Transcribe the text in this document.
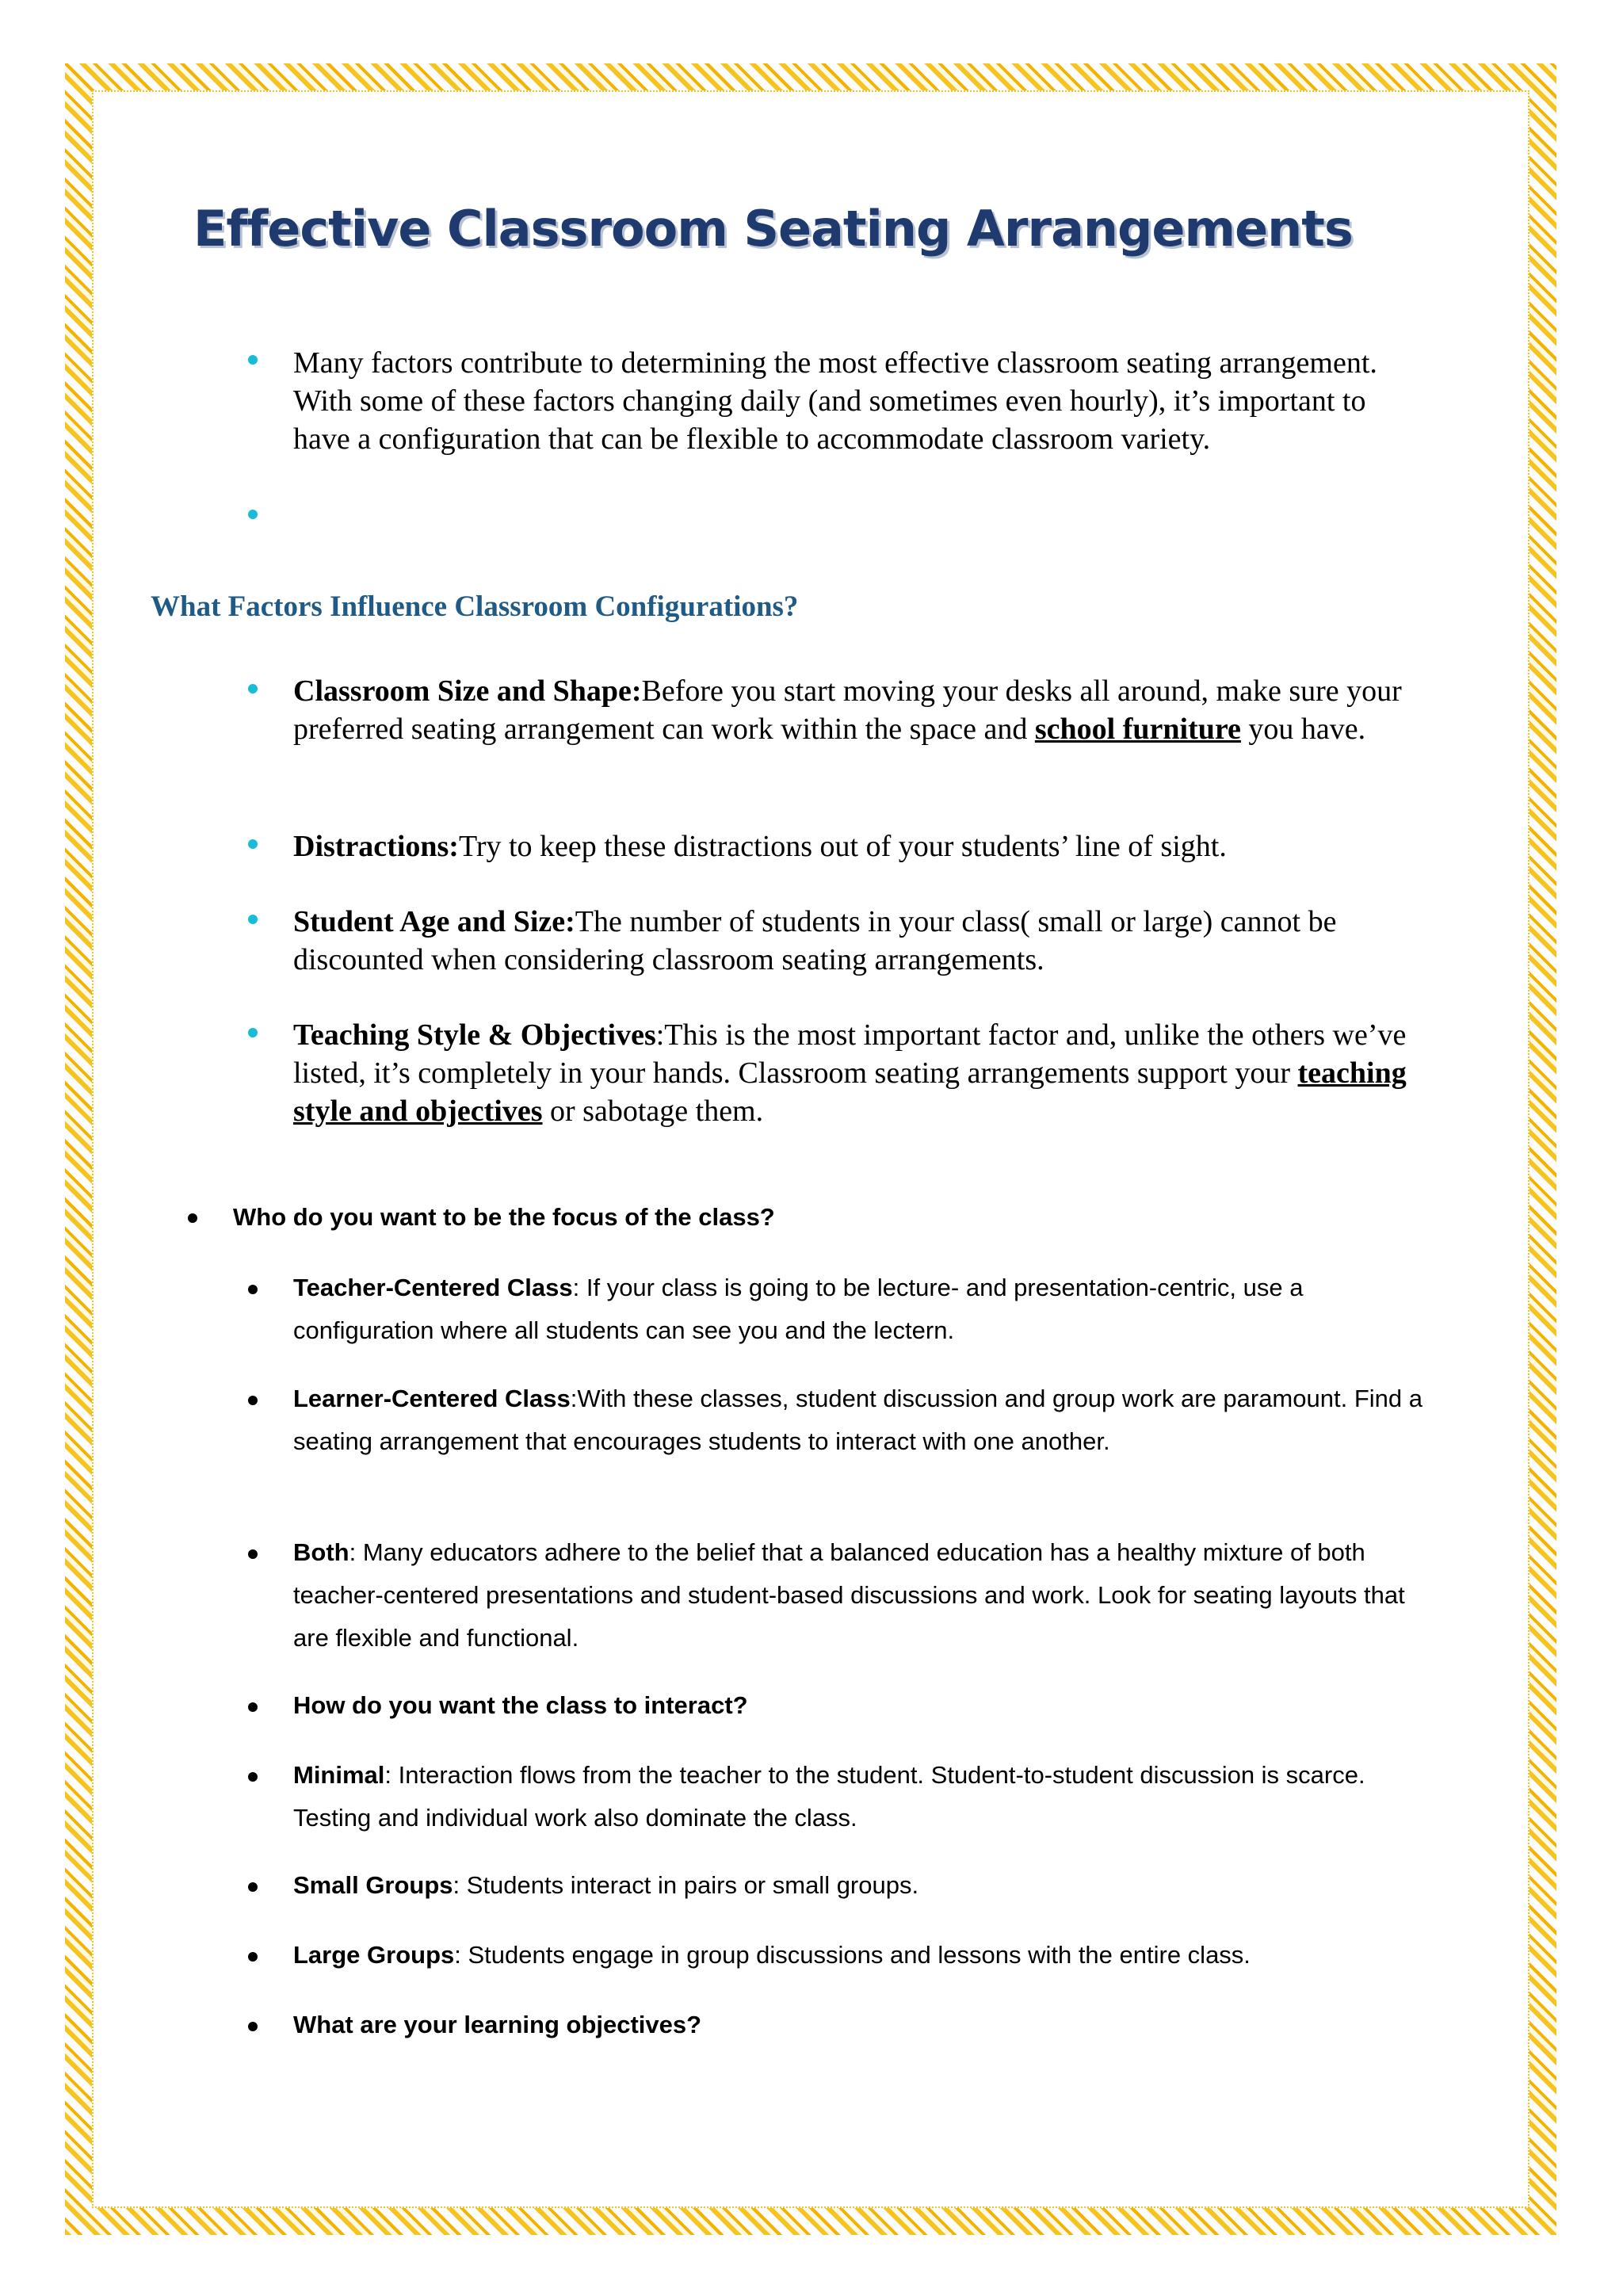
Effective Classroom Seating Arrangements
Many factors contribute to determining the most effective classroom seating arrangement. With some of these factors changing daily (and sometimes even hourly), it’s important to have a configuration that can be flexible to accommodate classroom variety.
What Factors Influence Classroom Configurations?
Classroom Size and Shape:Before you start moving your desks all around, make sure your preferred seating arrangement can work within the space and school furniture you have.
Distractions:Try to keep these distractions out of your students’ line of sight.
Student Age and Size:The number of students in your class( small or large) cannot be discounted when considering classroom seating arrangements.
Teaching Style & Objectives:This is the most important factor and, unlike the others we’ve listed, it’s completely in your hands. Classroom seating arrangements support your teaching style and objectives or sabotage them.
Who do you want to be the focus of the class?
Teacher-Centered Class: If your class is going to be lecture- and presentation-centric, use a configuration where all students can see you and the lectern.
Learner-Centered Class:With these classes, student discussion and group work are paramount. Find a seating arrangement that encourages students to interact with one another.
Both: Many educators adhere to the belief that a balanced education has a healthy mixture of both teacher-centered presentations and student-based discussions and work. Look for seating layouts that are flexible and functional.
How do you want the class to interact?
Minimal: Interaction flows from the teacher to the student. Student-to-student discussion is scarce. Testing and individual work also dominate the class.
Small Groups: Students interact in pairs or small groups.
Large Groups: Students engage in group discussions and lessons with the entire class.
What are your learning objectives?
